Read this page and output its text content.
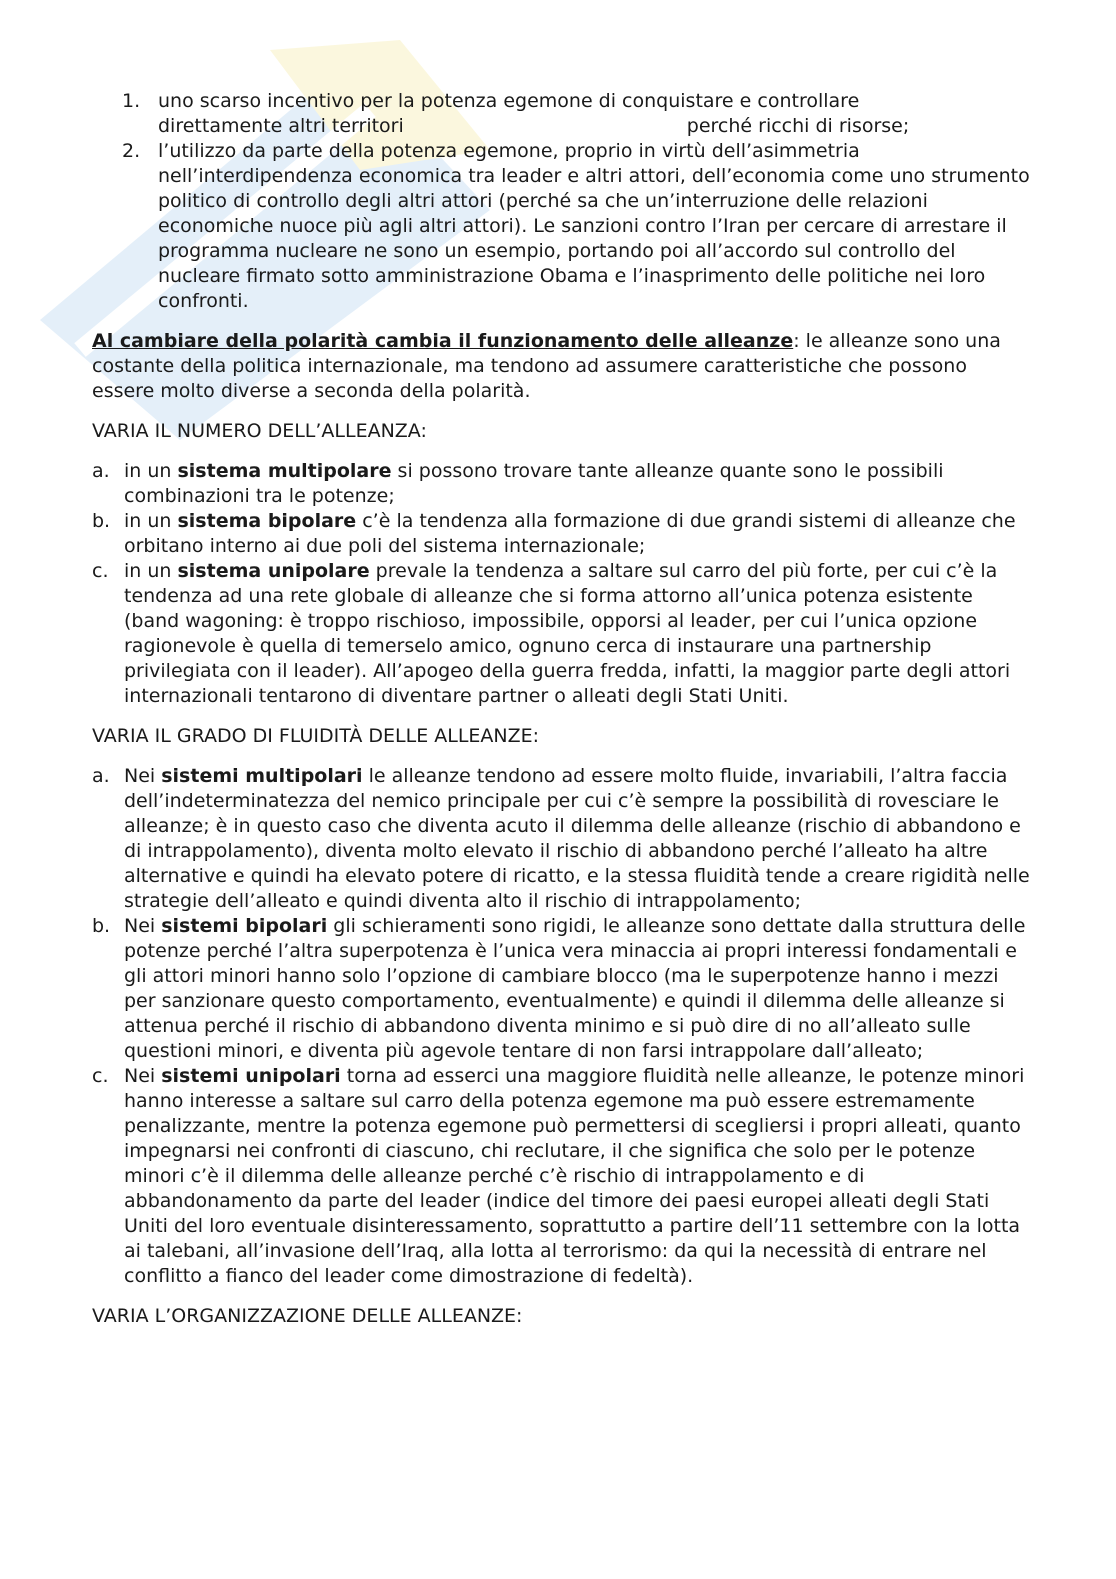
1. uno scarso incentivo per la potenza egemone di conquistare e controllare
direttamente altri territori	perché ricchi di risorse;
2. l’utilizzo da parte della potenza egemone, proprio in virtù dell’asimmetria nell’interdipendenza economica tra leader e altri attori, dell’economia come uno strumento politico di controllo degli altri attori (perché sa che un’interruzione delle relazioni economiche nuoce più agli altri attori). Le sanzioni contro l’Iran per cercare di arrestare il programma nucleare ne sono un esempio, portando poi all’accordo sul controllo del nucleare firmato sotto amministrazione Obama e l’inasprimento delle politiche nei loro confronti.

Al cambiare della polarità cambia il funzionamento delle alleanze: le alleanze sono una costante della politica internazionale, ma tendono ad assumere caratteristiche che possono essere molto diverse a seconda della polarità.

VARIA IL NUMERO DELL’ALLEANZA:

a. in un sistema multipolare si possono trovare tante alleanze quante sono le possibili combinazioni tra le potenze;
b. in un sistema bipolare c’è la tendenza alla formazione di due grandi sistemi di alleanze che orbitano interno ai due poli del sistema internazionale;
c. in un sistema unipolare prevale la tendenza a saltare sul carro del più forte, per cui c’è la tendenza ad una rete globale di alleanze che si forma attorno all’unica potenza esistente (band wagoning: è troppo rischioso, impossibile, opporsi al leader, per cui l’unica opzione ragionevole è quella di temerselo amico, ognuno cerca di instaurare una partnership privilegiata con il leader). All’apogeo della guerra fredda, infatti, la maggior parte degli attori internazionali tentarono di diventare partner o alleati degli Stati Uniti.

VARIA IL GRADO DI FLUIDITÀ DELLE ALLEANZE:

a. Nei sistemi multipolari le alleanze tendono ad essere molto fluide, invariabili, l’altra faccia dell’indeterminatezza del nemico principale per cui c’è sempre la possibilità di rovesciare le alleanze; è in questo caso che diventa acuto il dilemma delle alleanze (rischio di abbandono e di intrappolamento), diventa molto elevato il rischio di abbandono perché l’alleato ha altre alternative e quindi ha elevato potere di ricatto, e la stessa fluidità tende a creare rigidità nelle strategie dell’alleato e quindi diventa alto il rischio di intrappolamento;
b. Nei sistemi bipolari gli schieramenti sono rigidi, le alleanze sono dettate dalla struttura delle potenze perché l’altra superpotenza è l’unica vera minaccia ai propri interessi fondamentali e gli attori minori hanno solo l’opzione di cambiare blocco (ma le superpotenze hanno i mezzi per sanzionare questo comportamento, eventualmente) e quindi il dilemma delle alleanze si attenua perché il rischio di abbandono diventa minimo e si può dire di no all’alleato sulle questioni minori, e diventa più agevole tentare di non farsi intrappolare dall’alleato;
c. Nei sistemi unipolari torna ad esserci una maggiore fluidità nelle alleanze, le potenze minori hanno interesse a saltare sul carro della potenza egemone ma può essere estremamente penalizzante, mentre la potenza egemone può permettersi di scegliersi i propri alleati, quanto impegnarsi nei confronti di ciascuno, chi reclutare, il che significa che solo per le potenze minori c’è il dilemma delle alleanze perché c’è rischio di intrappolamento e di abbandonamento da parte del leader (indice del timore dei paesi europei alleati degli Stati Uniti del loro eventuale disinteressamento, soprattutto a partire dell’11 settembre con la lotta ai talebani, all’invasione dell’Iraq, alla lotta al terrorismo: da qui la necessità di entrare nel conflitto a fianco del leader come dimostrazione di fedeltà).

VARIA L’ORGANIZZAZIONE DELLE ALLEANZE:
